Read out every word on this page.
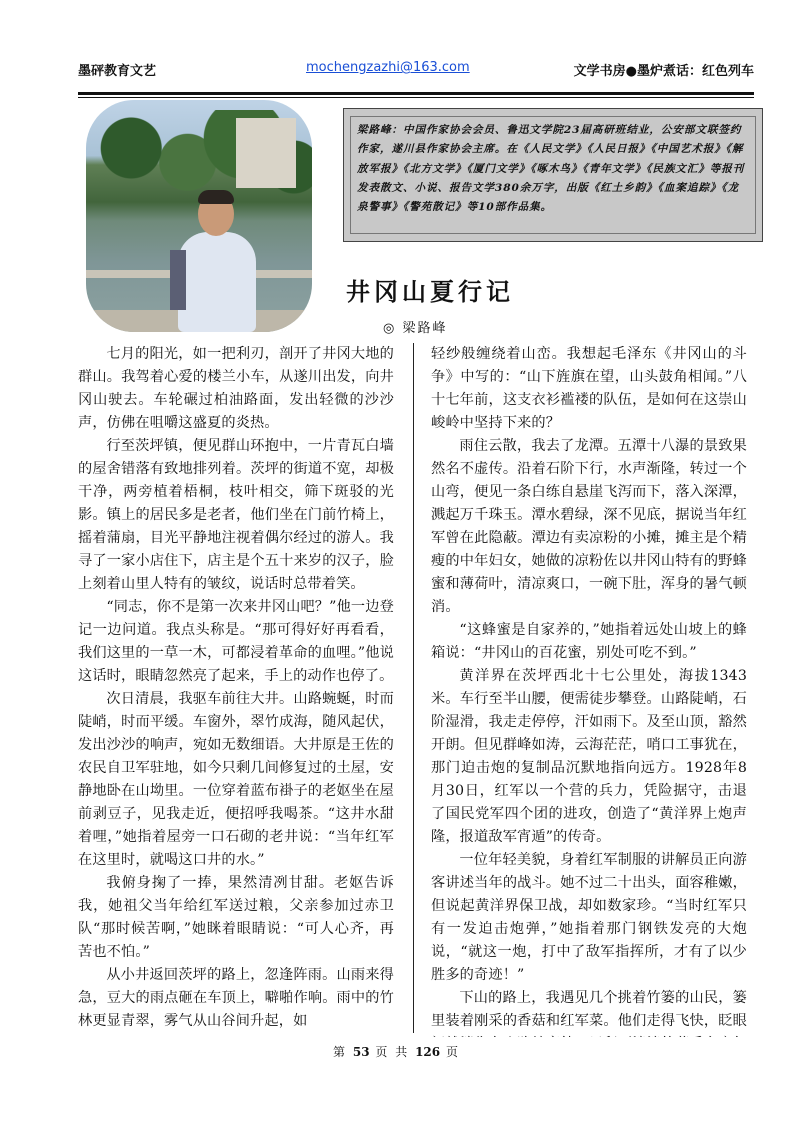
墨砰教育文艺	mochengzazhi@163.com	文学书房●墨炉煮话：红色列车
梁路峰：中国作家协会会员、鲁迅文学院23届高研班结业，公安部文联签约作家，遂川县作家协会主席。在《人民文学》《人民日报》《中国艺术报》《解放军报》《北方文学》《厦门文学》《啄木鸟》《青年文学》《民族文汇》等报刊发表散文、小说、报告文学380余万字，出版《红土乡韵》《血案追踪》《龙泉警事》《警苑散记》等10部作品集。
井冈山夏行记
◎ 梁路峰

七月的阳光，如一把利刃，剖开了井冈大地的群山。我驾着心爱的楼兰小车，从遂川出发，向井冈山驶去。车轮碾过柏油路面，发出轻微的沙沙声，仿佛在咀嚼这盛夏的炎热。

行至茨坪镇，便见群山环抱中，一片青瓦白墙的屋舍错落有致地排列着。茨坪的街道不宽，却极干净，两旁植着梧桐，枝叶相交，筛下斑驳的光影。镇上的居民多是老者，他们坐在门前竹椅上，摇着蒲扇，目光平静地注视着偶尔经过的游人。我寻了一家小店住下，店主是个五十来岁的汉子，脸上刻着山里人特有的皱纹，说话时总带着笑。

“同志，你不是第一次来井冈山吧？”他一边登记一边问道。我点头称是。“那可得好好再看看，我们这里的一草一木，可都浸着革命的血哩。”他说这话时，眼睛忽然亮了起来，手上的动作也停了。

次日清晨，我驱车前往大井。山路蜿蜒，时而陡峭，时而平缓。车窗外，翠竹成海，随风起伏，发出沙沙的响声，宛如无数细语。大井原是王佐的农民自卫军驻地，如今只剩几间修复过的土屋，安静地卧在山坳里。一位穿着蓝布褂子的老妪坐在屋前剥豆子，见我走近，便招呼我喝茶。“这井水甜着哩，”她指着屋旁一口石砌的老井说：“当年红军在这里时，就喝这口井的水。”

我俯身掬了一捧，果然清冽甘甜。老妪告诉我，她祖父当年给红军送过粮，父亲参加过赤卫队“那时候苦啊，”她眯着眼睛说：“可人心齐，再苦也不怕。”

从小井返回茨坪的路上，忽逢阵雨。山雨来得急，豆大的雨点砸在车顶上，噼啪作响。雨中的竹林更显青翠，雾气从山谷间升起，如

轻纱般缠绕着山峦。我想起毛泽东《井冈山的斗争》中写的：“山下旌旗在望，山头鼓角相闻。”八十七年前，这支衣衫褴褛的队伍，是如何在这崇山峻岭中坚持下来的？

雨住云散，我去了龙潭。五潭十八瀑的景致果然名不虚传。沿着石阶下行，水声渐隆，转过一个山弯，便见一条白练自悬崖飞泻而下，落入深潭，溅起万千珠玉。潭水碧绿，深不见底，据说当年红军曾在此隐蔽。潭边有卖凉粉的小摊，摊主是个精瘦的中年妇女，她做的凉粉佐以井冈山特有的野蜂蜜和薄荷叶，清凉爽口，一碗下肚，浑身的暑气顿消。

“这蜂蜜是自家养的，”她指着远处山坡上的蜂箱说：“井冈山的百花蜜，别处可吃不到。”

黄洋界在茨坪西北十七公里处，海拔1343米。车行至半山腰，便需徒步攀登。山路陡峭，石阶湿滑，我走走停停，汗如雨下。及至山顶，豁然开朗。但见群峰如涛，云海茫茫，哨口工事犹在，那门迫击炮的复制品沉默地指向远方。1928年8月30日，红军以一个营的兵力，凭险据守，击退了国民党军四个团的进攻，创造了“黄洋界上炮声隆，报道敌军宵遁”的传奇。

一位年轻美貌，身着红军制服的讲解员正向游客讲述当年的战斗。她不过二十出头，面容稚嫩，但说起黄洋界保卫战，却如数家珍。“当时红军只有一发迫击炮弹，”她指着那门钢铁发亮的大炮说，“就这一炮，打中了敌军指挥所，才有了以少胜多的奇迹！”

下山的路上，我遇见几个挑着竹篓的山民，篓里装着刚采的香菇和红军菜。他们走得飞快，眨眼

第 53 页 共 126 页
